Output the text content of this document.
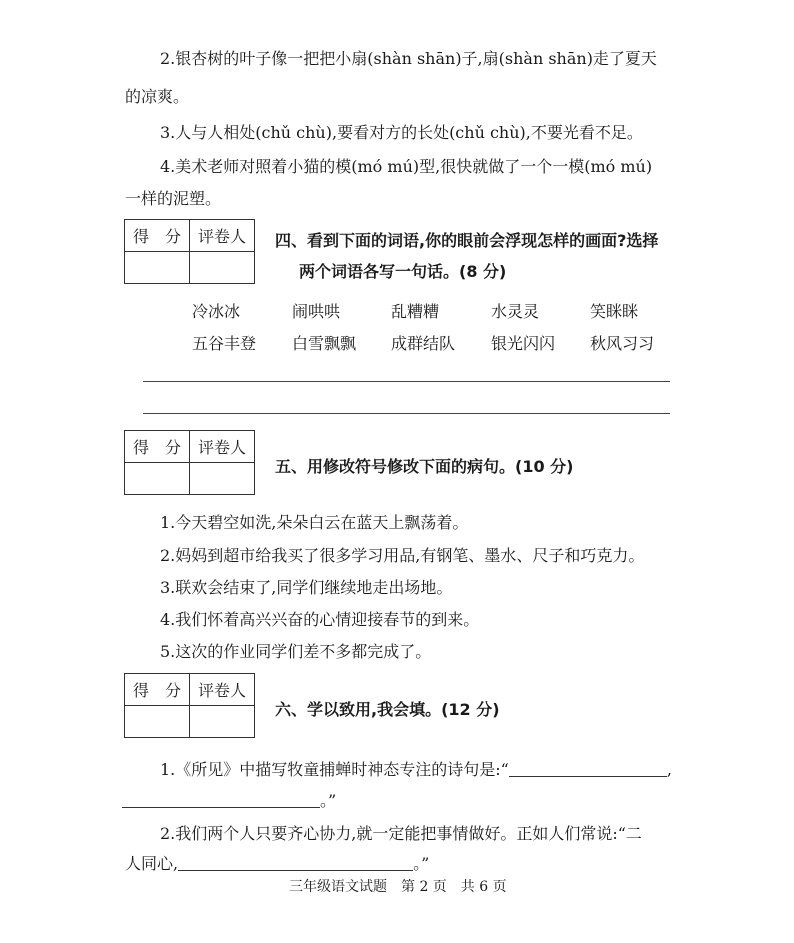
2.银杏树的叶子像一把把小扇(shàn shān)子,扇(shàn shān)走了夏天
的凉爽。
3.人与人相处(chǔ chù),要看对方的长处(chǔ chù),不要光看不足。
4.美术老师对照着小猫的模(mó mú)型,很快就做了一个一模(mó mú)
一样的泥塑。
得　分	评卷人
	四、看到下面的词语,你的眼前会浮现怎样的画面?选择
两个词语各写一句话。(8 分)
冷冰冰	闹哄哄	乱糟糟	水灵灵	笑眯眯
五谷丰登 白雪飘飘 成群结队 银光闪闪 秋风习习
得　分	评卷人

五、用修改符号修改下面的病句。(10 分)
1.今天碧空如洗,朵朵白云在蓝天上飘荡着。
2.妈妈到超市给我买了很多学习用品,有钢笔、墨水、尺子和巧克力。
3.联欢会结束了,同学们继续地走出场地。
4.我们怀着高兴兴奋的心情迎接春节的到来。
5.这次的作业同学们差不多都完成了。
得　分	评卷人

六、学以致用,我会填。(12 分)
1.《所见》中描写牧童捕蝉时神态专注的诗句是:“	,
。”
2.我们两个人只要齐心协力,就一定能把事情做好。正如人们常说:“二
人同心,	。”
三年级语文试题　第 2 页　共 6 页
